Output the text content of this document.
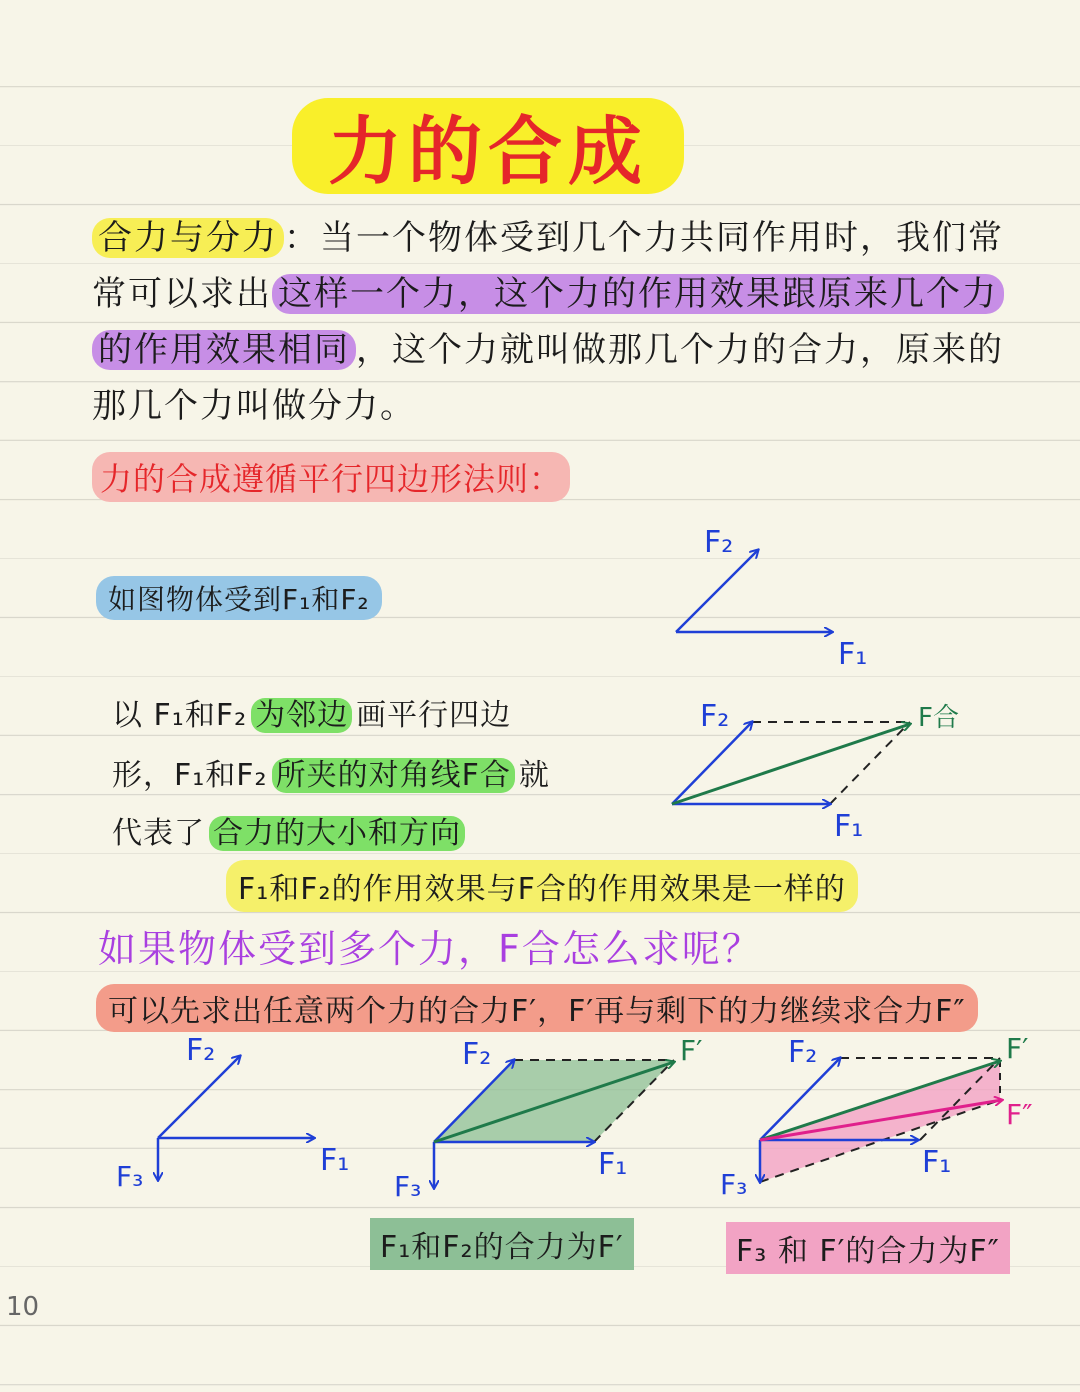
力的合成
合力与分力 ：当一个物体受到几个力共同作用时，我们常
常可以求出 这样一个力，这个力的作用效果跟原来几个力
的作用效果相同 ，这个力就叫做那几个力的合力，原来的
那几个力叫做分力。
力的合成遵循平行四边形法则：
如图物体受到F₁和F₂
以 F₁和F₂ 为邻边 画平行四边
形，F₁和F₂ 所夹的对角线F合 就
代表了 合力的大小和方向
F₁和F₂的作用效果与F合的作用效果是一样的
如果物体受到多个力，F合怎么求呢？
可以先求出任意两个力的合力F′，F′再与剩下的力继续求合力F″
F₂
F₁
F₂
F₁
F合
F₂
F₁
F₃
F₂
F₁
F₃
F′	F₂
F₁
F₃
F′
F″
F₁和F₂的合力为F′	F₃ 和 F′的合力为F″
10
